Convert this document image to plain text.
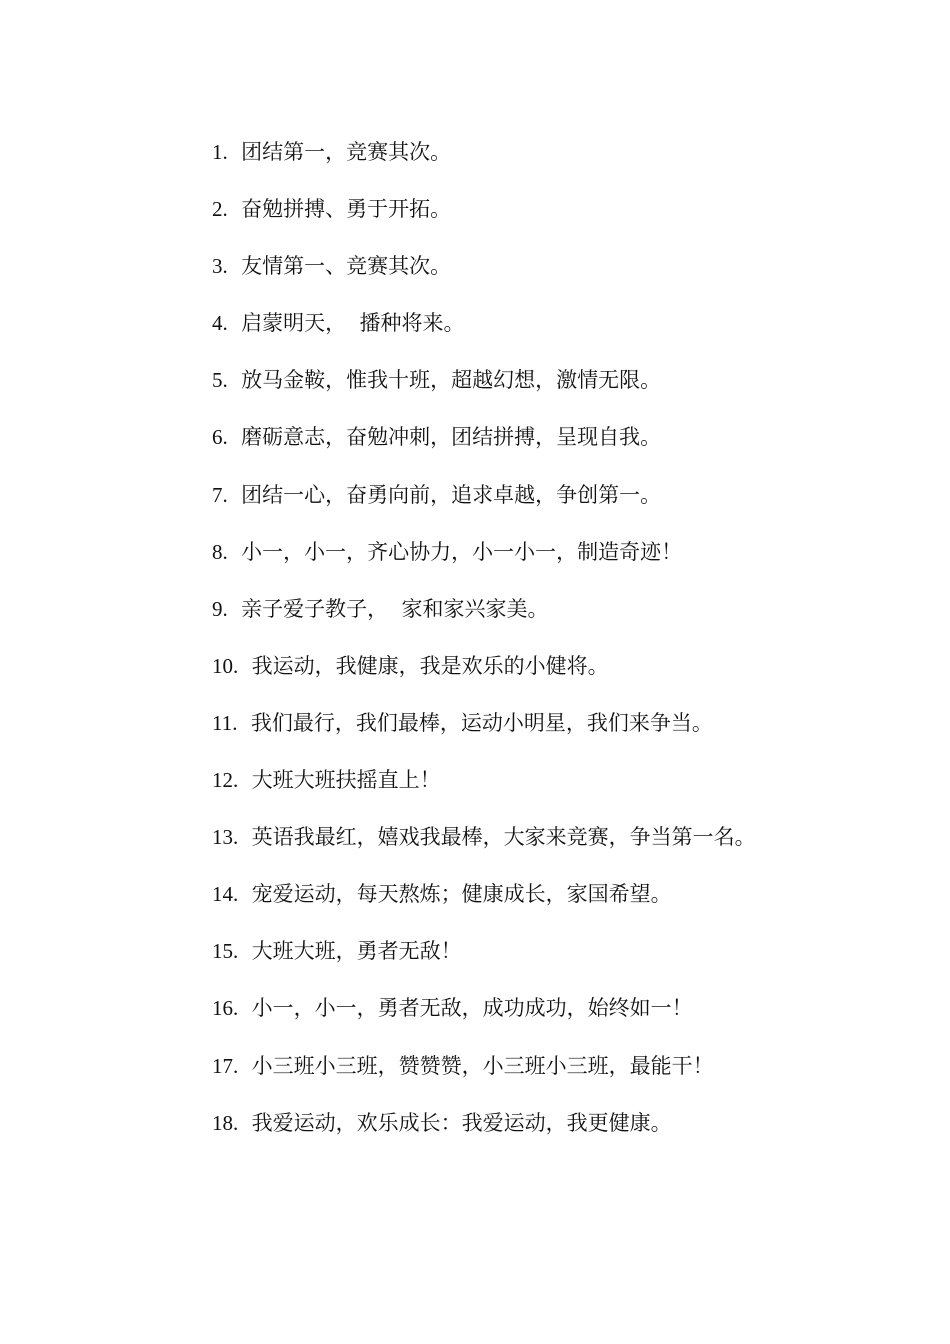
1. 团结第一，竞赛其次。
2. 奋勉拼搏、勇于开拓。
3. 友情第一、竞赛其次。
4. 启蒙明天，  播种将来。
5. 放马金鞍，惟我十班，超越幻想，激情无限。
6. 磨砺意志，奋勉冲刺，团结拼搏，呈现自我。
7. 团结一心，奋勇向前，追求卓越，争创第一。
8. 小一，小一，齐心协力，小一小一，制造奇迹！
9. 亲子爱子教子，  家和家兴家美。
10. 我运动，我健康，我是欢乐的小健将。
11. 我们最行，我们最棒，运动小明星，我们来争当。
12. 大班大班扶摇直上！
13. 英语我最红，嬉戏我最棒，大家来竞赛，争当第一名。
14. 宠爱运动，每天熬炼；健康成长，家国希望。
15. 大班大班，勇者无敌！
16. 小一，小一，勇者无敌，成功成功，始终如一！
17. 小三班小三班，赞赞赞，小三班小三班，最能干！
18. 我爱运动，欢乐成长：我爱运动，我更健康。
